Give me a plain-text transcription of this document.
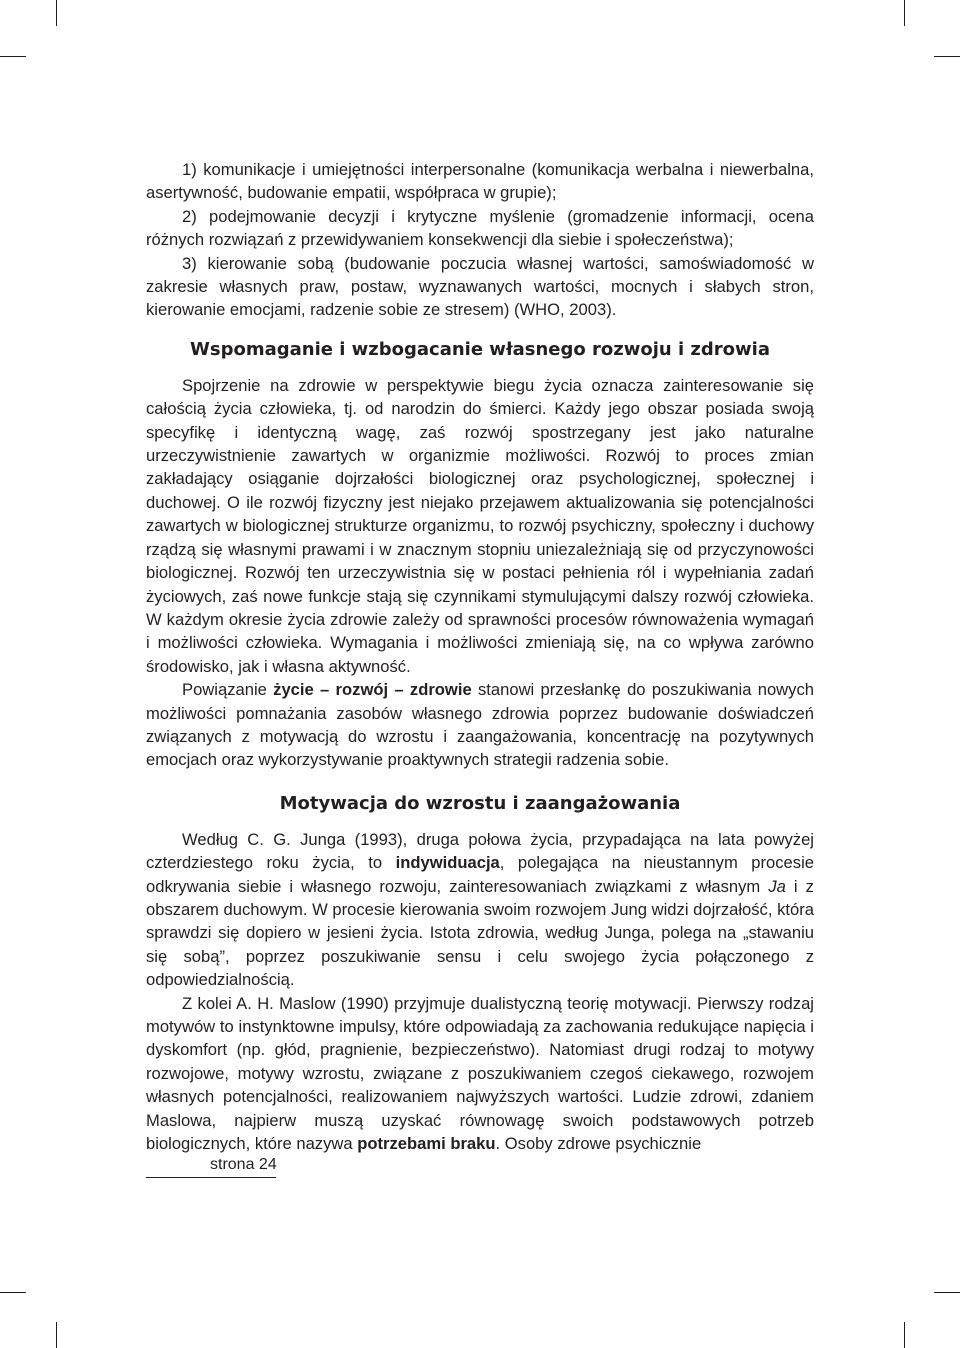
1) komunikacje i umiejętności interpersonalne (komunikacja werbalna i niewerbalna, asertywność, budowanie empatii, współpraca w grupie);

2) podejmowanie decyzji i krytyczne myślenie (gromadzenie informacji, ocena różnych rozwiązań z przewidywaniem konsekwencji dla siebie i społeczeństwa);

3) kierowanie sobą (budowanie poczucia własnej wartości, samoświadomość w zakresie własnych praw, postaw, wyznawanych wartości, mocnych i słabych stron, kierowanie emocjami, radzenie sobie ze stresem) (WHO, 2003).

Wspomaganie i wzbogacanie własnego rozwoju i zdrowia

Spojrzenie na zdrowie w perspektywie biegu życia oznacza zainteresowanie się całością życia człowieka, tj. od narodzin do śmierci. Każdy jego obszar posiada swoją specyfikę i identyczną wagę, zaś rozwój spostrzegany jest jako naturalne urzeczywistnienie zawartych w organizmie możliwości. Rozwój to proces zmian zakładający osiąganie dojrzałości biologicznej oraz psychologicznej, społecznej i duchowej. O ile rozwój fizyczny jest niejako przejawem aktualizowania się potencjalności zawartych w biologicznej strukturze organizmu, to rozwój psychiczny, społeczny i duchowy rządzą się własnymi prawami i w znacznym stopniu uniezależniają się od przyczynowości biologicznej. Rozwój ten urzeczywistnia się w postaci pełnienia ról i wypełniania zadań życiowych, zaś nowe funkcje stają się czynnikami stymulującymi dalszy rozwój człowieka. W każdym okresie życia zdrowie zależy od sprawności procesów równoważenia wymagań i możliwości człowieka. Wymagania i możliwości zmieniają się, na co wpływa zarówno środowisko, jak i własna aktywność.

Powiązanie życie – rozwój – zdrowie stanowi przesłankę do poszukiwania nowych możliwości pomnażania zasobów własnego zdrowia poprzez budowanie doświadczeń związanych z motywacją do wzrostu i zaangażowania, koncentrację na pozytywnych emocjach oraz wykorzystywanie proaktywnych strategii radzenia sobie.

Motywacja do wzrostu i zaangażowania

Według C. G. Junga (1993), druga połowa życia, przypadająca na lata powyżej czterdziestego roku życia, to indywiduacja, polegająca na nieustannym procesie odkrywania siebie i własnego rozwoju, zainteresowaniach związkami z własnym Ja i z obszarem duchowym. W procesie kierowania swoim rozwojem Jung widzi dojrzałość, która sprawdzi się dopiero w jesieni życia. Istota zdrowia, według Junga, polega na „stawaniu się sobą”, poprzez poszukiwanie sensu i celu swojego życia połączonego z odpowiedzialnością.

Z kolei A. H. Maslow (1990) przyjmuje dualistyczną teorię motywacji. Pierwszy rodzaj motywów to instynktowne impulsy, które odpowiadają za zachowania redukujące napięcia i dyskomfort (np. głód, pragnienie, bezpieczeństwo). Natomiast drugi rodzaj to motywy rozwojowe, motywy wzrostu, związane z poszukiwaniem czegoś ciekawego, rozwojem własnych potencjalności, realizowaniem najwyższych wartości. Ludzie zdrowi, zdaniem Maslowa, najpierw muszą uzyskać równowagę swoich podstawowych potrzeb biologicznych, które nazywa potrzebami braku. Osoby zdrowe psychicznie

strona 24
